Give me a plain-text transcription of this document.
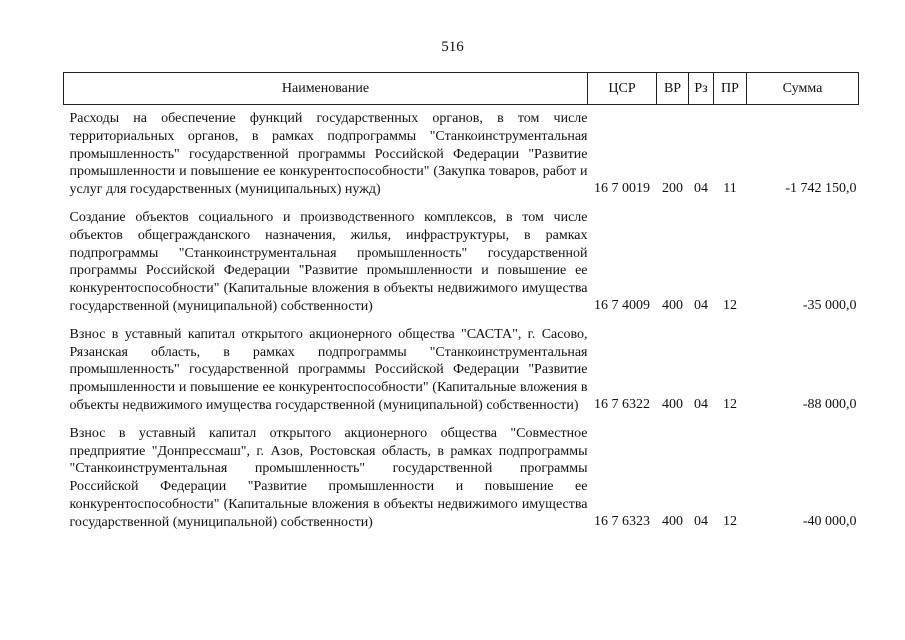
516
Наименование	ЦСР	ВР	Рз	ПР	Сумма
Расходы на обеспечение функций государственных органов, в том числе территориальных органов, в рамках подпрограммы "Станкоинструментальная промышленность" государственной программы Российской Федерации "Развитие промышленности и повышение ее конкурентоспособности" (Закупка товаров, работ и услуг для государственных (муниципальных) нужд)	16 7 0019	200	04	11	-1 742 150,0
Создание объектов социального и производственного комплексов, в том числе объектов общегражданского назначения, жилья, инфраструктуры, в рамках подпрограммы "Станкоинструментальная промышленность" государственной программы Российской Федерации "Развитие промышленности и повышение ее конкурентоспособности" (Капитальные вложения в объекты недвижимого имущества государственной (муниципальной) собственности)	16 7 4009	400	04	12	-35 000,0
Взнос в уставный капитал открытого акционерного общества "САСТА", г. Сасово, Рязанская область, в рамках подпрограммы "Станкоинструментальная промышленность" государственной программы Российской Федерации "Развитие промышленности и повышение ее конкурентоспособности" (Капитальные вложения в объекты недвижимого имущества государственной (муниципальной) собственности)	16 7 6322	400	04	12	-88 000,0
Взнос в уставный капитал открытого акционерного общества "Совместное предприятие "Донпрессмаш", г. Азов, Ростовская область, в рамках подпрограммы "Станкоинструментальная промышленность" государственной программы Российской Федерации "Развитие промышленности и повышение ее конкурентоспособности" (Капитальные вложения в объекты недвижимого имущества государственной (муниципальной) собственности)	16 7 6323	400	04	12	-40 000,0
